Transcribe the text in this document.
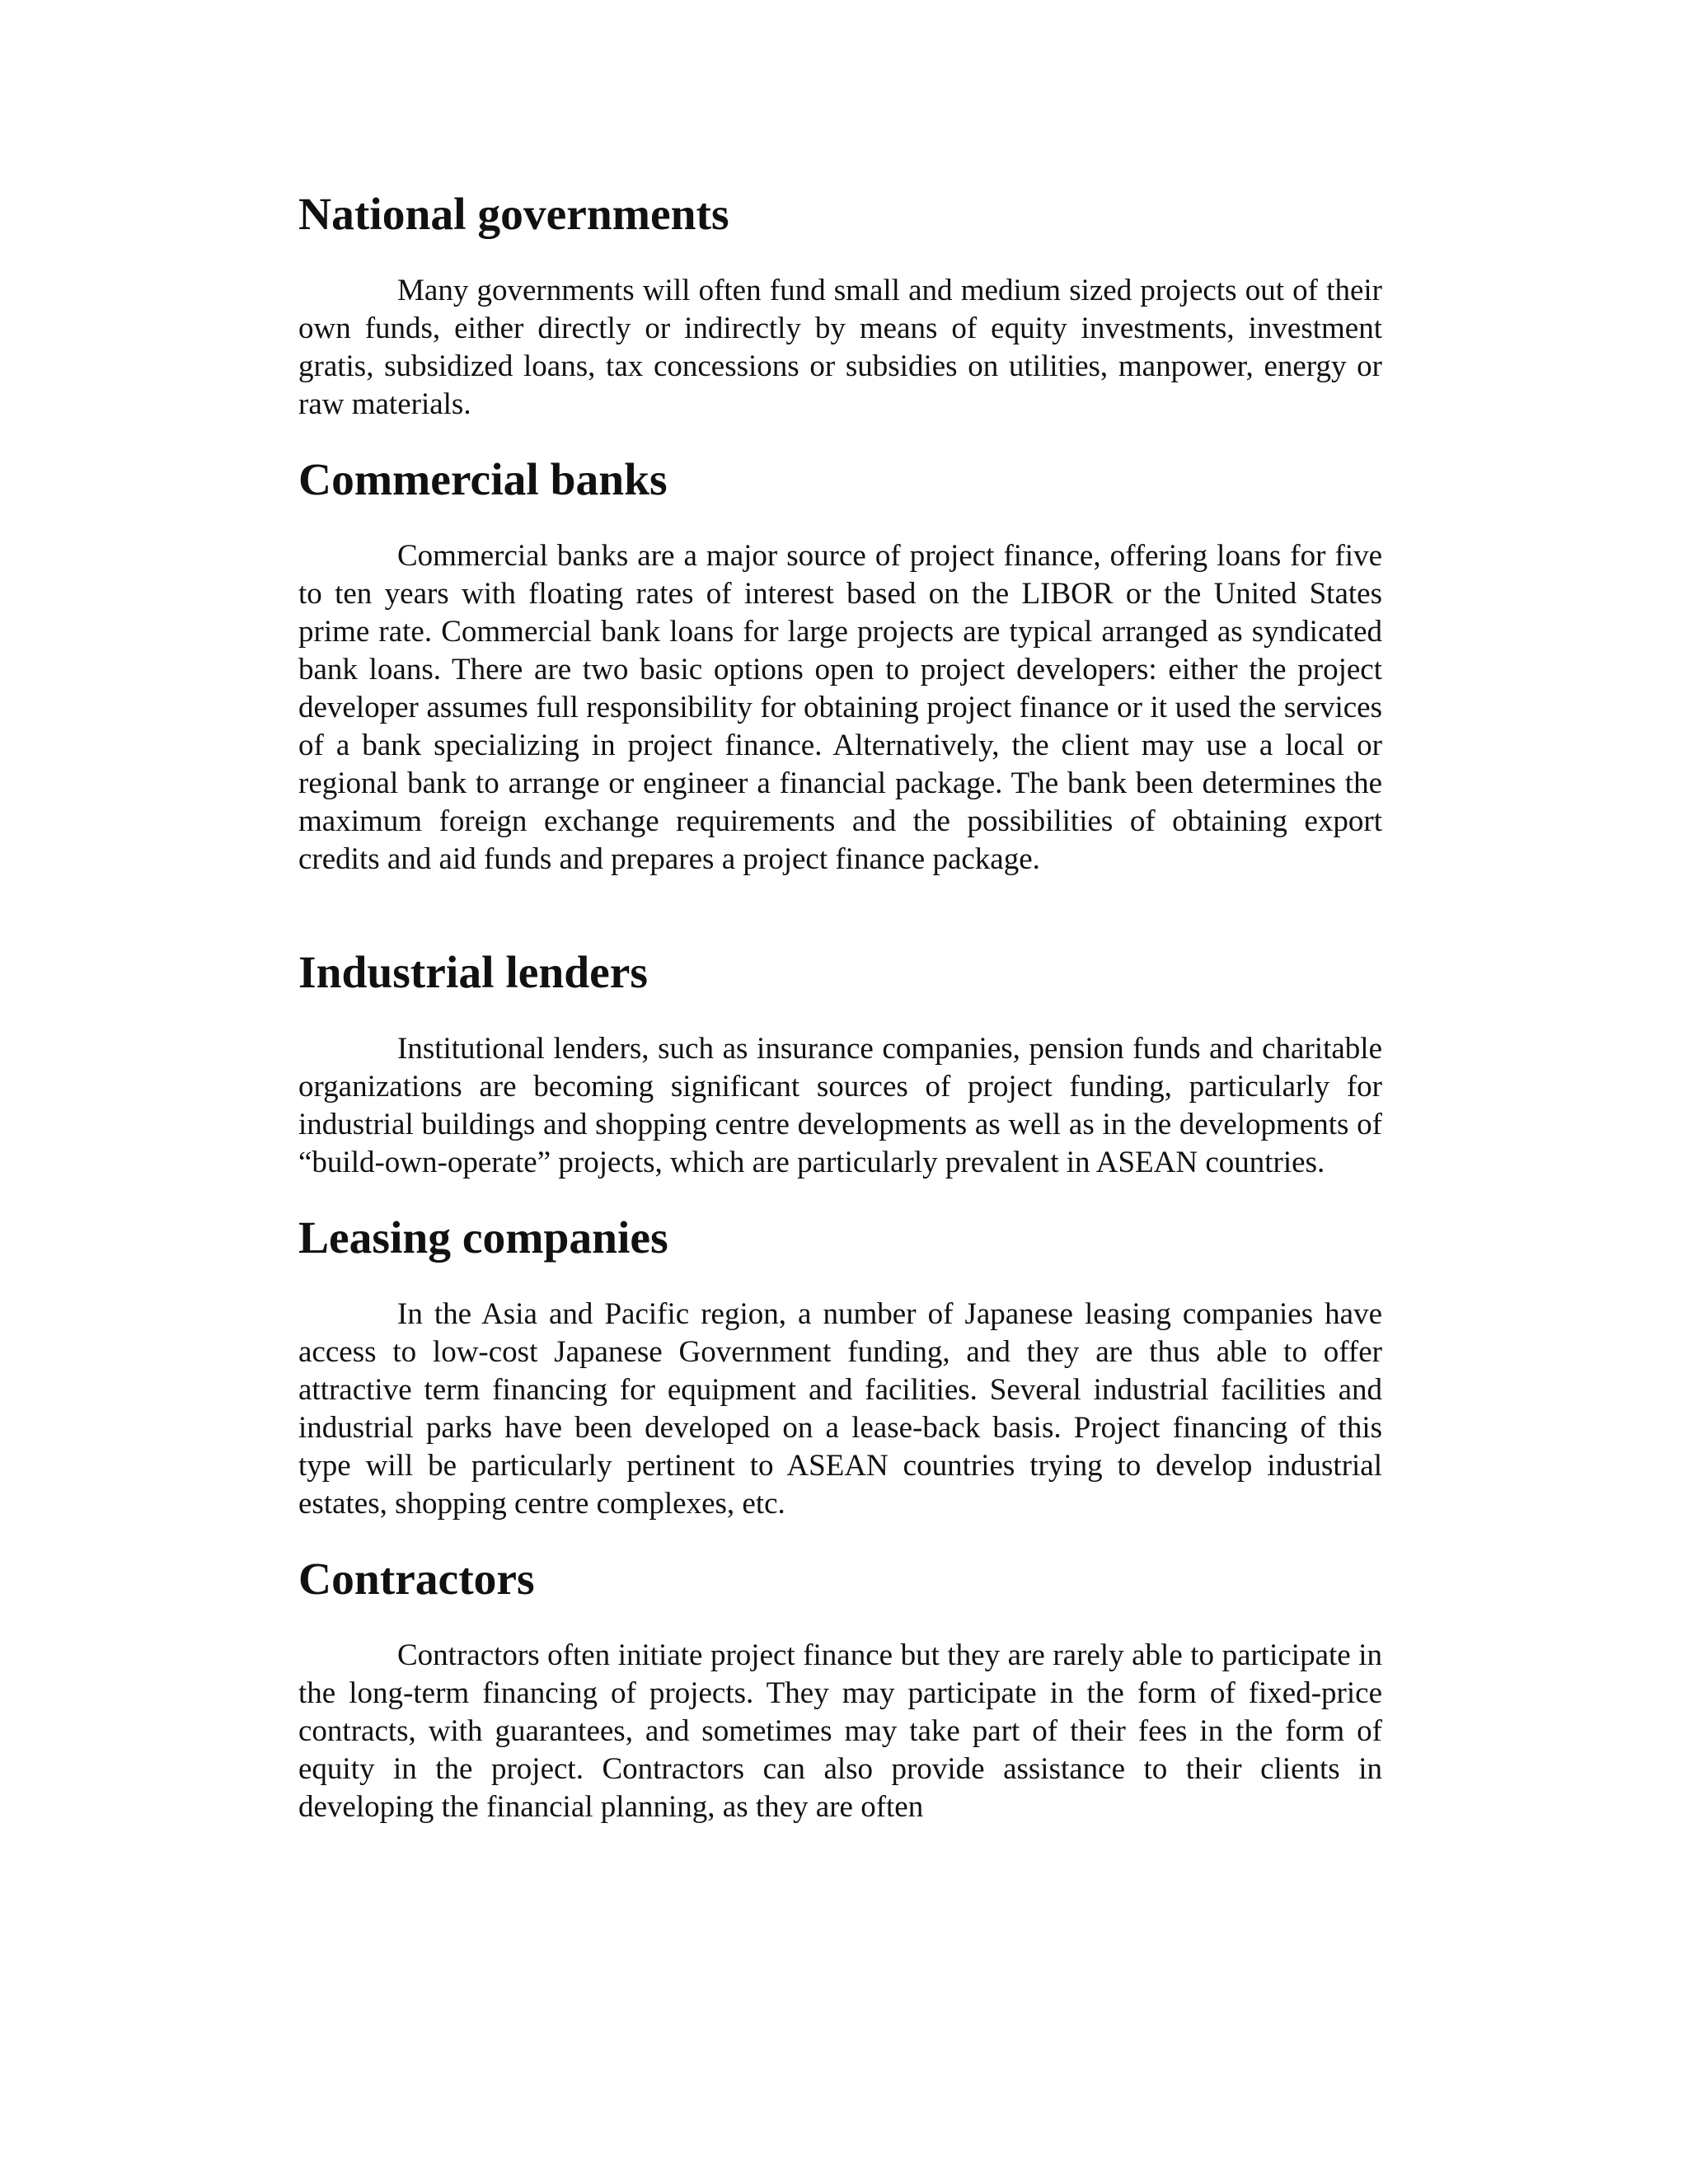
National governments

Many governments will often fund small and medium sized projects out of their own funds, either directly or indirectly by means of equity investments, investment gratis, subsidized loans, tax concessions or subsidies on utilities, manpower, energy or raw materials.

Commercial banks

Commercial banks are a major source of project finance, offering loans for five to ten years with floating rates of interest based on the LIBOR or the United States prime rate. Commercial bank loans for large projects are typical arranged as syndicated bank loans. There are two basic options open to project developers: either the project developer assumes full responsibility for obtaining project finance or it used the services of a bank specializing in project finance. Alternatively, the client may use a local or regional bank to arrange or engineer a financial package. The bank been determines the maximum foreign exchange requirements and the possibilities of obtaining export credits and aid funds and prepares a project finance package.

Industrial lenders

Institutional lenders, such as insurance companies, pension funds and charitable organizations are becoming significant sources of project funding, particularly for industrial buildings and shopping centre developments as well as in the developments of “build-own-operate” projects, which are particularly prevalent in ASEAN countries.

Leasing companies

In the Asia and Pacific region, a number of Japanese leasing companies have access to low-cost Japanese Government funding, and they are thus able to offer attractive term financing for equipment and facilities. Several industrial facilities and industrial parks have been developed on a lease-back basis. Project financing of this type will be particularly pertinent to ASEAN countries trying to develop industrial estates, shopping centre complexes, etc.

Contractors

Contractors often initiate project finance but they are rarely able to participate in the long-term financing of projects. They may participate in the form of fixed-price contracts, with guarantees, and sometimes may take part of their fees in the form of equity in the project. Contractors can also provide assistance to their clients in developing the financial planning, as they are often
